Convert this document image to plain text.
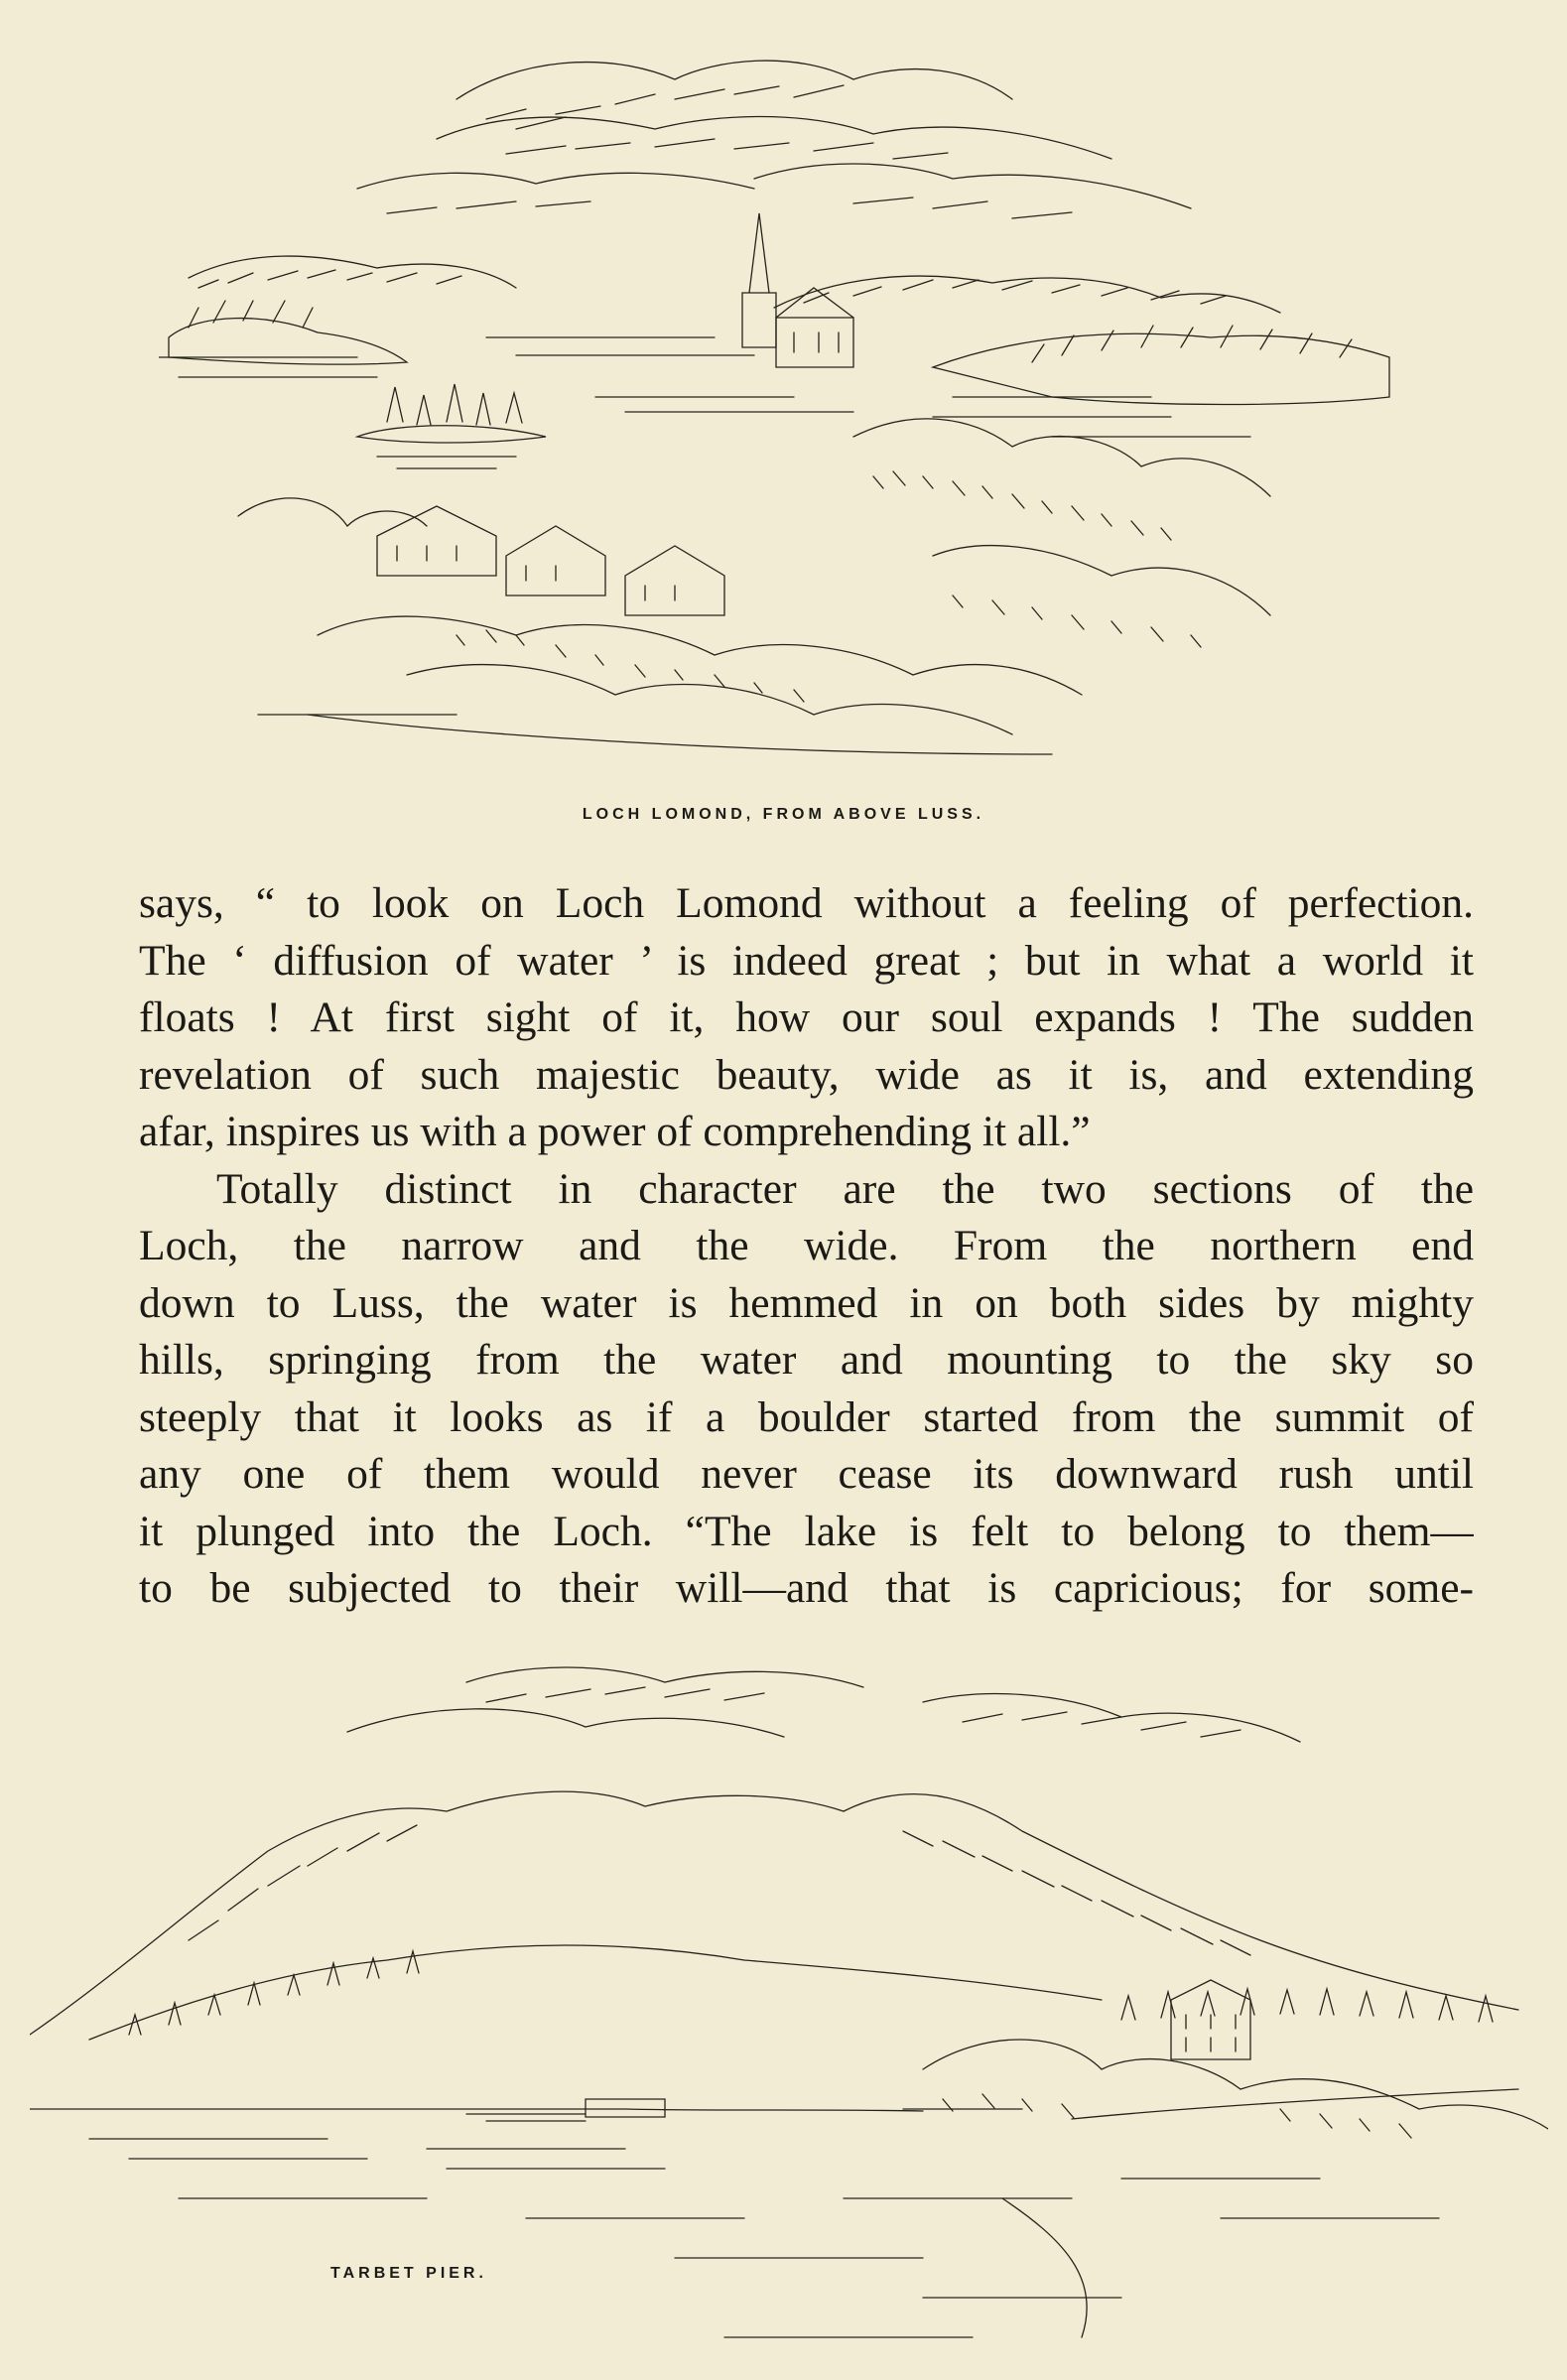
LOCH LOMOND, FROM ABOVE LUSS.

says, “ to look on Loch Lomond without a feeling of perfection.
The ‘ diffusion of water ’ is indeed great ; but in what a world it
floats ! At first sight of it, how our soul expands ! The sudden
revelation of such majestic beauty, wide as it is, and extending
afar, inspires us with a power of comprehending it all.”

Totally distinct in character are the two sections of the
Loch, the narrow and the wide. From the northern end
down to Luss, the water is hemmed in on both sides by mighty
hills, springing from the water and mounting to the sky so
steeply that it looks as if a boulder started from the summit of
any one of them would never cease its downward rush until
it plunged into the Loch. “The lake is felt to belong to them—
to be subjected to their will—and that is capricious; for some-

TARBET PIER.
